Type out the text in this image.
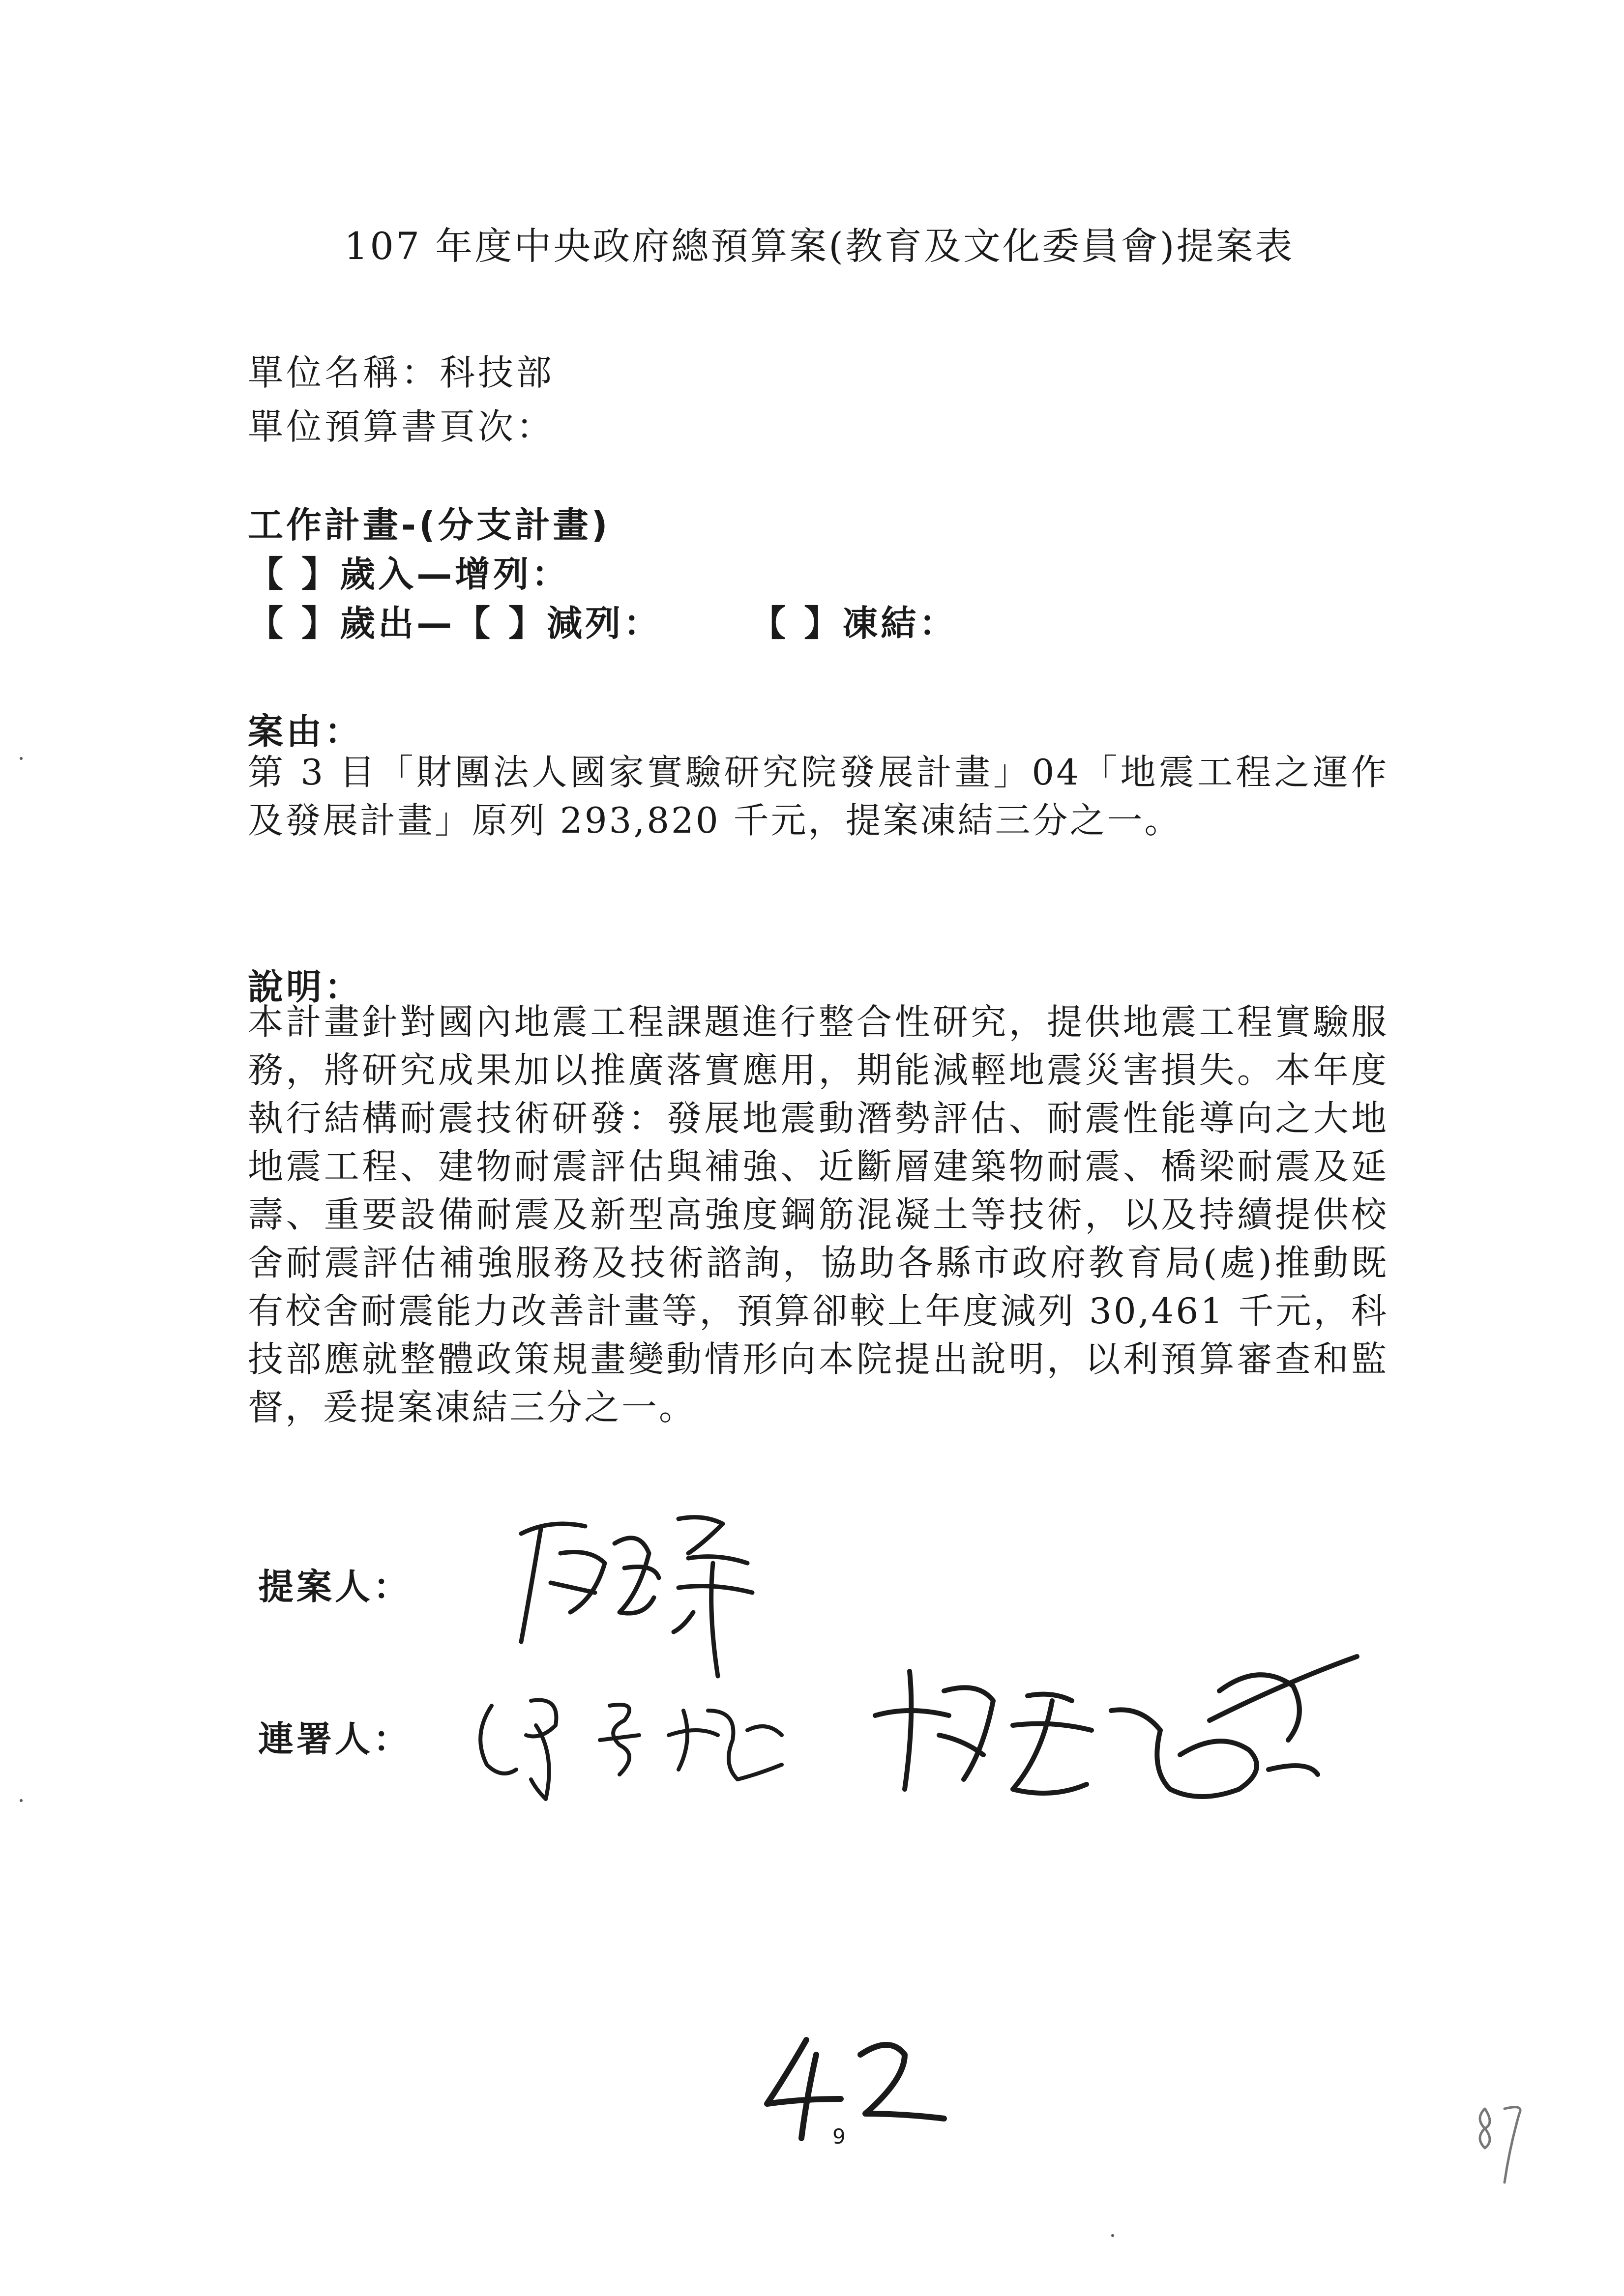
107 年度中央政府總預算案(教育及文化委員會)提案表
單位名稱：科技部
單位預算書頁次：
工作計畫-(分支計畫)
【 】歲入—增列：
【 】歲出—【 】減列：	【 】凍結：
案由：
第 3 目「財團法人國家實驗研究院發展計畫」04「地震工程之運作及發展計畫」原列 293,820 千元，提案凍結三分之一。
說明：
本計畫針對國內地震工程課題進行整合性研究，提供地震工程實驗服務，將研究成果加以推廣落實應用，期能減輕地震災害損失。本年度執行結構耐震技術研發：發展地震動潛勢評估、耐震性能導向之大地地震工程、建物耐震評估與補強、近斷層建築物耐震、橋梁耐震及延壽、重要設備耐震及新型高強度鋼筋混凝土等技術，以及持續提供校舍耐震評估補強服務及技術諮詢，協助各縣市政府教育局(處)推動既有校舍耐震能力改善計畫等，預算卻較上年度減列 30,461 千元，科技部應就整體政策規畫變動情形向本院提出說明，以利預算審查和監督，爰提案凍結三分之一。
提案人：
連署人：
9
